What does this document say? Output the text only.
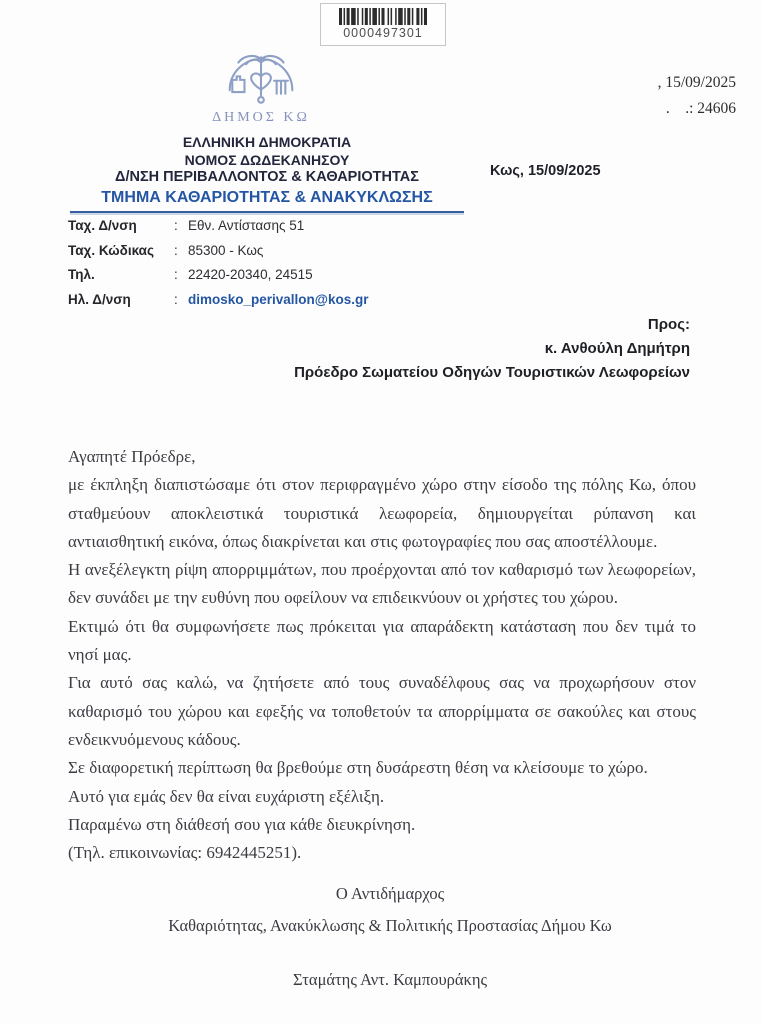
0000497301
ΔΗΜΟΣ ΚΩ
, 15/09/2025
.    .: 24606
ΕΛΛΗΝΙΚΗ ΔΗΜΟΚΡΑΤΙΑ
ΝΟΜΟΣ ΔΩΔΕΚΑΝΗΣΟΥ
Δ/ΝΣΗ ΠΕΡΙΒΑΛΛΟΝΤΟΣ & ΚΑΘΑΡΙΟΤΗΤΑΣ
ΤΜΗΜΑ ΚΑΘΑΡΙΟΤΗΤΑΣ & ΑΝΑΚΥΚΛΩΣΗΣ
Κως, 15/09/2025
Ταχ. Δ/νση	: Εθν. Αντίστασης 51
Ταχ. Κώδικας : 85300 - Κως
Τηλ.	: 22420-20340, 24515
Ηλ. Δ/νση	: dimosko_perivallon@kos.gr
Προς:
κ. Ανθούλη Δημήτρη
Πρόεδρο Σωματείου Οδηγών Τουριστικών Λεωφορείων

Αγαπητέ Πρόεδρε,

με έκπληξη διαπιστώσαμε ότι στον περιφραγμένο χώρο στην είσοδο της πόλης Κω, όπου σταθμεύουν αποκλειστικά τουριστικά λεωφορεία, δημιουργείται ρύπανση και αντιαισθητική εικόνα, όπως διακρίνεται και στις φωτογραφίες που σας αποστέλλουμε.

Η ανεξέλεγκτη ρίψη απορριμμάτων, που προέρχονται από τον καθαρισμό των λεωφορείων, δεν συνάδει με την ευθύνη που οφείλουν να επιδεικνύουν οι χρήστες του χώρου.

Εκτιμώ ότι θα συμφωνήσετε πως πρόκειται για απαράδεκτη κατάσταση που δεν τιμά το νησί μας.

Για αυτό σας καλώ, να ζητήσετε από τους συναδέλφους σας να προχωρήσουν στον καθαρισμό του χώρου και εφεξής να τοποθετούν τα απορρίμματα σε σακούλες και στους ενδεικνυόμενους κάδους.

Σε διαφορετική περίπτωση θα βρεθούμε στη δυσάρεστη θέση να κλείσουμε το χώρο.

Αυτό για εμάς δεν θα είναι ευχάριστη εξέλιξη.

Παραμένω στη διάθεσή σου για κάθε διευκρίνηση.

(Τηλ. επικοινωνίας: 6942445251).

Ο Αντιδήμαρχος
Καθαριότητας, Ανακύκλωσης & Πολιτικής Προστασίας Δήμου Κω
Σταμάτης Αντ. Καμπουράκης
